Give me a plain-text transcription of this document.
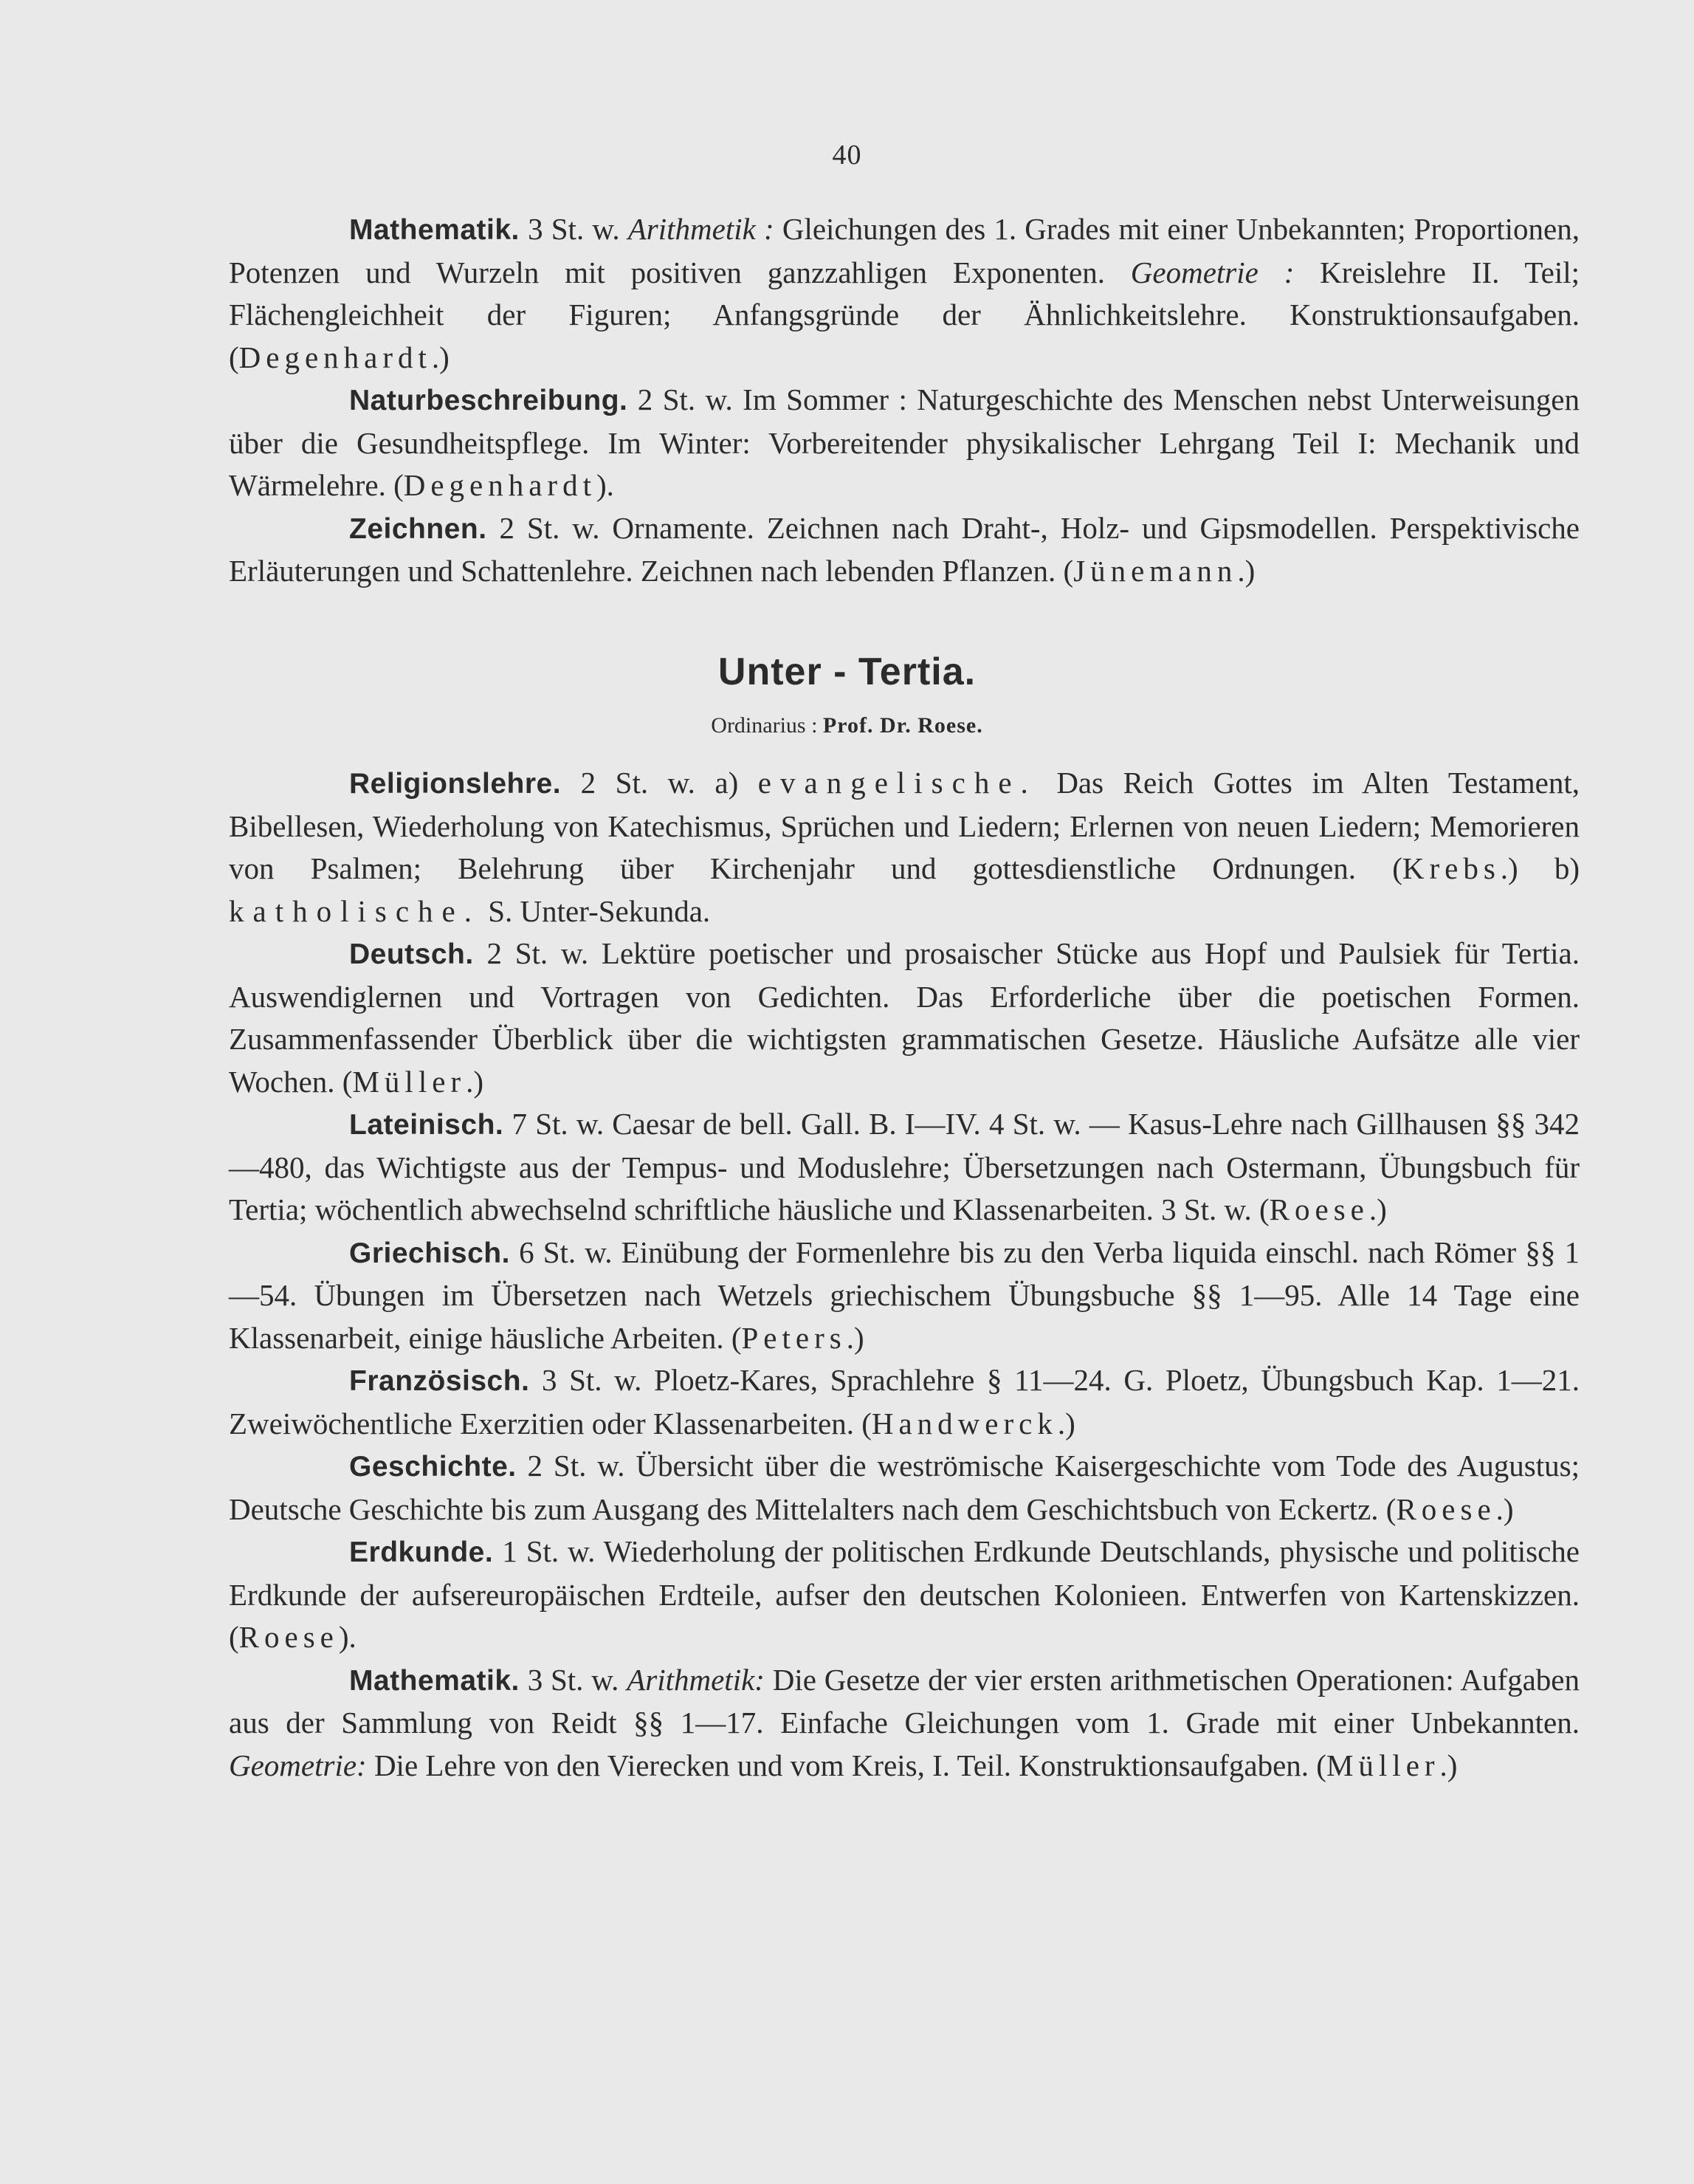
40

Mathematik. 3 St. w. Arithmetik : Gleichungen des 1. Grades mit einer Unbekannten; Proportionen, Potenzen und Wurzeln mit positiven ganzzahligen Exponenten. Geometrie : Kreislehre II. Teil; Flächengleichheit der Figuren; Anfangsgründe der Ähnlichkeitslehre. Konstruktionsaufgaben. (Degenhardt.)

Naturbeschreibung. 2 St. w. Im Sommer : Naturgeschichte des Menschen nebst Unterweisungen über die Gesundheitspflege. Im Winter: Vorbereitender physikalischer Lehrgang Teil I: Mechanik und Wärmelehre. (Degenhardt).

Zeichnen. 2 St. w. Ornamente. Zeichnen nach Draht-, Holz- und Gipsmodellen. Perspektivische Erläuterungen und Schattenlehre. Zeichnen nach lebenden Pflanzen. (Jünemann.)

Unter - Tertia.
Ordinarius : Prof. Dr. Roese.

Religionslehre. 2 St. w. a) evangelische. Das Reich Gottes im Alten Testament, Bibellesen, Wiederholung von Katechismus, Sprüchen und Liedern; Erlernen von neuen Liedern; Memorieren von Psalmen; Belehrung über Kirchenjahr und gottesdienstliche Ordnungen. (Krebs.) b) katholische. S. Unter-Sekunda.

Deutsch. 2 St. w. Lektüre poetischer und prosaischer Stücke aus Hopf und Paulsiek für Tertia. Auswendiglernen und Vortragen von Gedichten. Das Erforderliche über die poetischen Formen. Zusammenfassender Überblick über die wichtigsten grammatischen Gesetze. Häusliche Aufsätze alle vier Wochen. (Müller.)

Lateinisch. 7 St. w. Caesar de bell. Gall. B. I—IV. 4 St. w. — Kasus-Lehre nach Gillhausen §§ 342—480, das Wichtigste aus der Tempus- und Moduslehre; Übersetzungen nach Ostermann, Übungsbuch für Tertia; wöchentlich abwechselnd schriftliche häusliche und Klassenarbeiten. 3 St. w. (Roese.)

Griechisch. 6 St. w. Einübung der Formenlehre bis zu den Verba liquida einschl. nach Römer §§ 1—54. Übungen im Übersetzen nach Wetzels griechischem Übungsbuche §§ 1—95. Alle 14 Tage eine Klassenarbeit, einige häusliche Arbeiten. (Peters.)

Französisch. 3 St. w. Ploetz-Kares, Sprachlehre § 11—24. G. Ploetz, Übungsbuch Kap. 1—21. Zweiwöchentliche Exerzitien oder Klassenarbeiten. (Handwerck.)

Geschichte. 2 St. w. Übersicht über die weströmische Kaisergeschichte vom Tode des Augustus; Deutsche Geschichte bis zum Ausgang des Mittelalters nach dem Geschichtsbuch von Eckertz. (Roese.)

Erdkunde. 1 St. w. Wiederholung der politischen Erdkunde Deutschlands, physische und politische Erdkunde der aufsereuropäischen Erdteile, aufser den deutschen Kolonieen. Entwerfen von Kartenskizzen. (Roese).

Mathematik. 3 St. w. Arithmetik: Die Gesetze der vier ersten arithmetischen Operationen: Aufgaben aus der Sammlung von Reidt §§ 1—17. Einfache Gleichungen vom 1. Grade mit einer Unbekannten. Geometrie: Die Lehre von den Vierecken und vom Kreis, I. Teil. Konstruktionsaufgaben. (Müller.)
